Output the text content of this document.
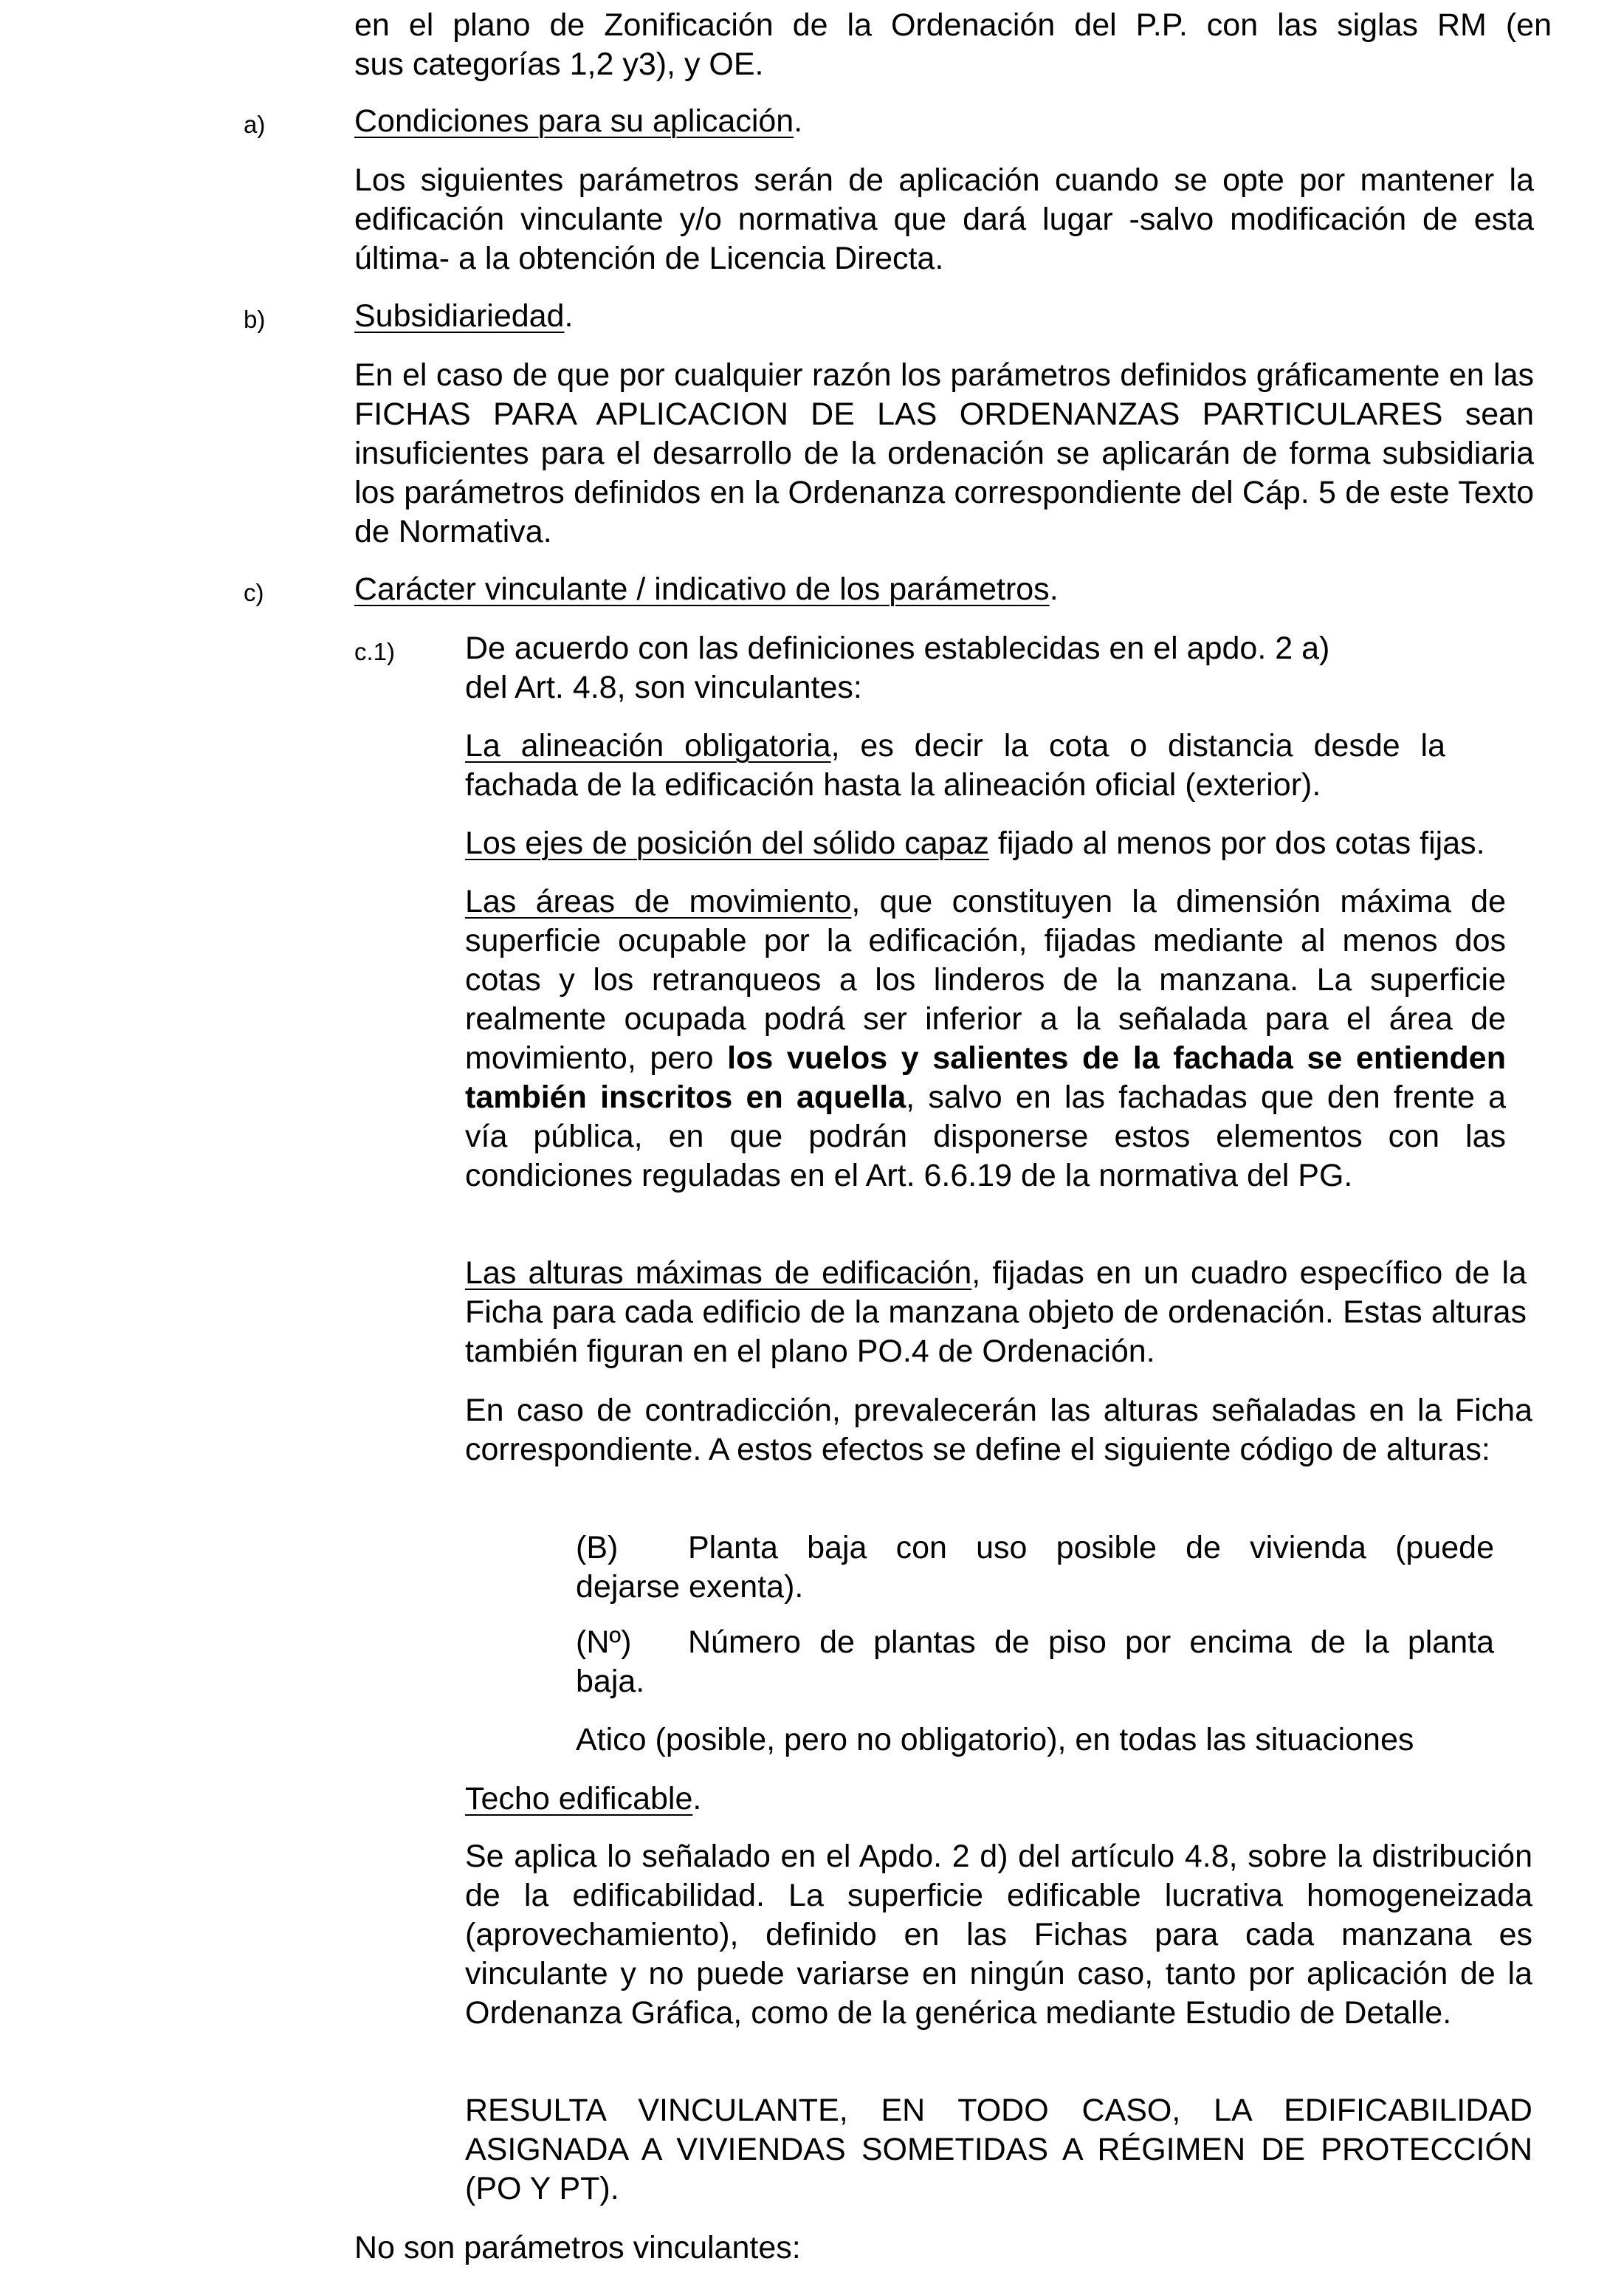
en el plano de Zonificación de la Ordenación del P.P. con las siglas RM (en
sus categorías 1,2 y3), y OE.
a)	Condiciones para su aplicación.
Los siguientes parámetros serán de aplicación cuando se opte por mantener la edificación vinculante y/o normativa que dará lugar -salvo modificación de esta última- a la obtención de Licencia Directa.
b)	Subsidiariedad.
En el caso de que por cualquier razón los parámetros definidos gráficamente en las FICHAS PARA APLICACION DE LAS ORDENANZAS PARTICULARES sean insuficientes para el desarrollo de la ordenación se aplicarán de forma subsidiaria los parámetros definidos en la Ordenanza correspondiente del Cáp. 5 de este Texto de Normativa.
c)	Carácter vinculante / indicativo de los parámetros.
c.1) De acuerdo con las definiciones establecidas en el apdo. 2 a)
del Art. 4.8, son vinculantes:
La alineación obligatoria, es decir la cota o distancia desde la fachada de la edificación hasta la alineación oficial (exterior).
Los ejes de posición del sólido capaz fijado al menos por dos cotas fijas.
Las áreas de movimiento, que constituyen la dimensión máxima de superficie ocupable por la edificación, fijadas mediante al menos dos cotas y los retranqueos a los linderos de la manzana. La superficie realmente ocupada podrá ser inferior a la señalada para el área de movimiento, pero los vuelos y salientes de la fachada se entienden también inscritos en aquella, salvo en las fachadas que den frente a vía pública, en que podrán disponerse estos elementos con las condiciones reguladas en el Art. 6.6.19 de la normativa del PG.
Las alturas máximas de edificación, fijadas en un cuadro específico de la Ficha para cada edificio de la manzana objeto de ordenación. Estas alturas también figuran en el plano PO.4 de Ordenación.
En caso de contradicción, prevalecerán las alturas señaladas en la Ficha correspondiente. A estos efectos se define el siguiente código de alturas:
(B)	Planta baja con uso posible de vivienda (puede
dejarse exenta).
(Nº)	Número de plantas de piso por encima de la planta
baja.
Atico (posible, pero no obligatorio), en todas las situaciones
Techo edificable.
Se aplica lo señalado en el Apdo. 2 d) del artículo 4.8, sobre la distribución de la edificabilidad. La superficie edificable lucrativa homogeneizada (aprovechamiento), definido en las Fichas para cada manzana es vinculante y no puede variarse en ningún caso, tanto por aplicación de la Ordenanza Gráfica, como de la genérica mediante Estudio de Detalle.
RESULTA VINCULANTE, EN TODO CASO, LA EDIFICABILIDAD ASIGNADA A VIVIENDAS SOMETIDAS A RÉGIMEN DE PROTECCIÓN (PO Y PT).
No son parámetros vinculantes:
